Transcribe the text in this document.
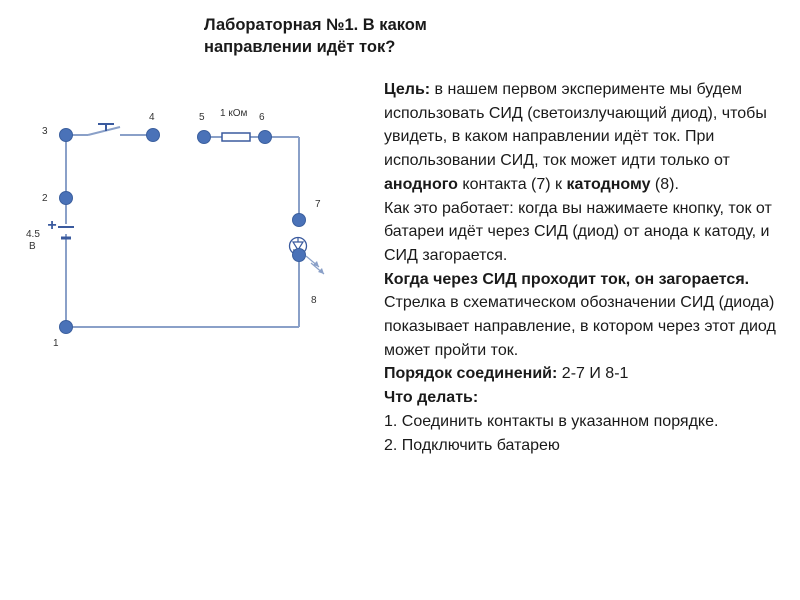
Лабораторная №1. В каком
направлении идёт ток?
+
1
2
3
4	5	6
7
8
1 кОм
4.5
В

Цель: в нашем первом эксперименте мы будем использовать СИД (светоизлучающий диод), чтобы увидеть, в каком направлении идёт ток. При использовании СИД, ток может идти только от анодного контакта (7) к катодному (8).

Как это работает: когда вы нажимаете кнопку, ток от батареи идёт через СИД (диод) от анода к катоду, и СИД загорается.

Когда через СИД проходит ток, он загорается.

Стрелка в схематическом обозначении СИД (диода) показывает направление, в котором через этот диод может пройти ток.

Порядок соединений: 2-7 И 8-1

Что делать:

1. Соединить контакты в указанном порядке.

2. Подключить батарею
